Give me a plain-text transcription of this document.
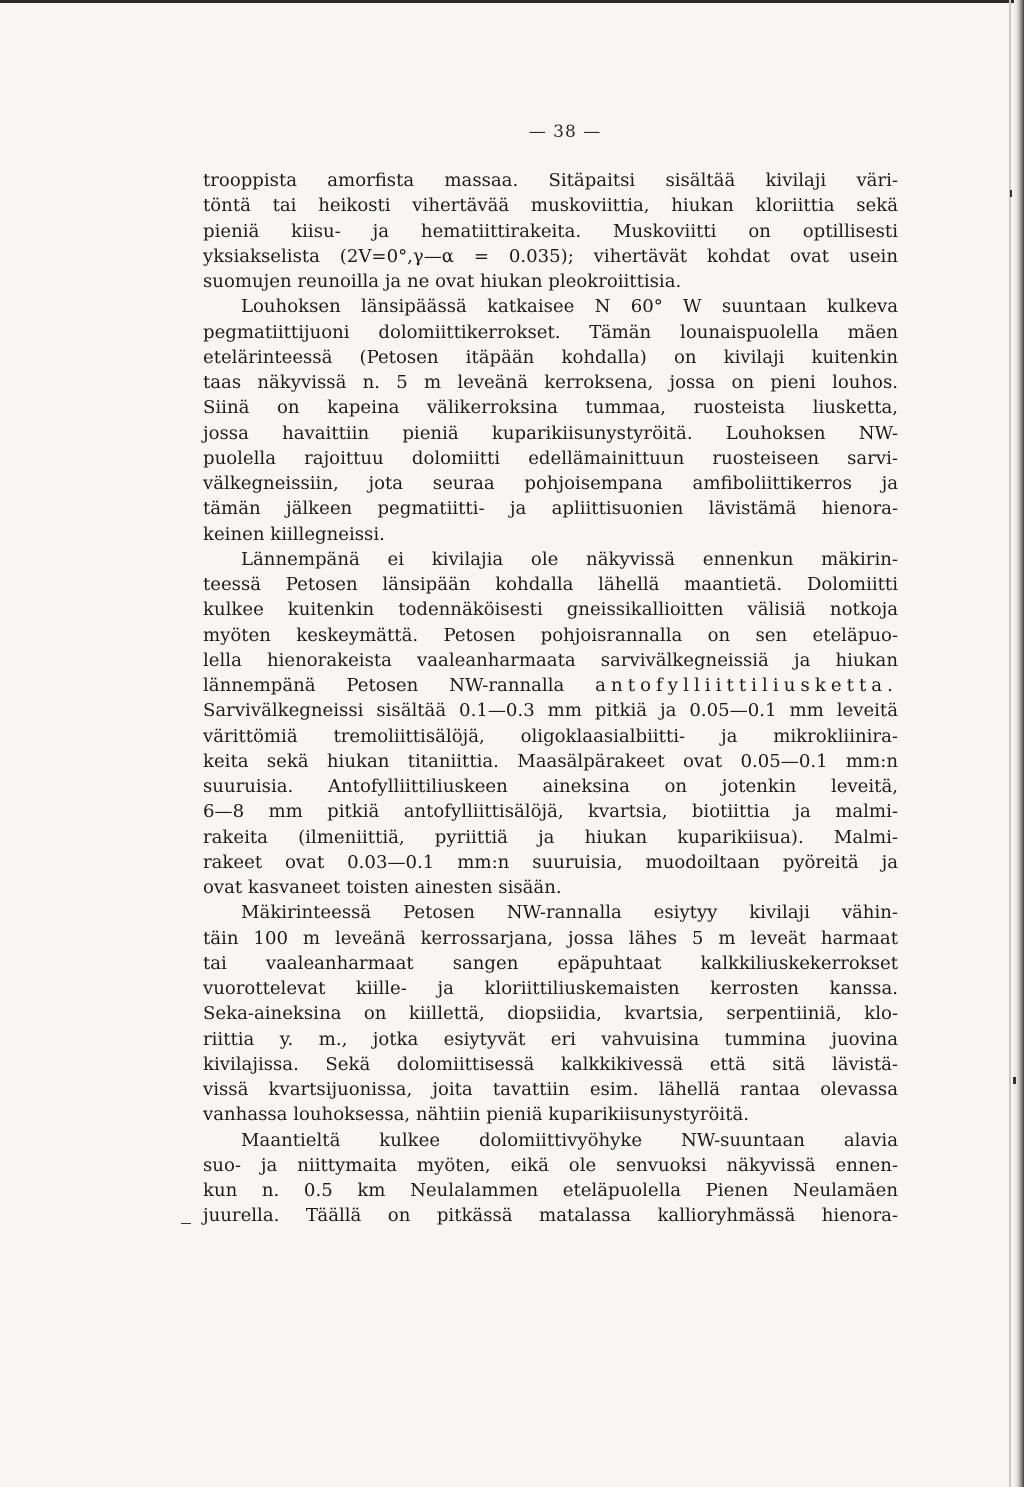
— 38 —
trooppista amorfista massaa. Sitäpaitsi sisältää kivilaji väri-
töntä tai heikosti vihertävää muskoviittia, hiukan kloriittia sekä
pieniä kiisu- ja hematiittirakeita. Muskoviitti on optillisesti
yksiakselista (2V=0°,γ—α = 0.035); vihertävät kohdat ovat usein
suomujen reunoilla ja ne ovat hiukan pleokroiittisia.
Louhoksen länsipäässä katkaisee N 60° W suuntaan kulkeva
pegmatiittijuoni dolomiittikerrokset. Tämän lounaispuolella mäen
etelärinteessä (Petosen itäpään kohdalla) on kivilaji kuitenkin
taas näkyvissä n. 5 m leveänä kerroksena, jossa on pieni louhos.
Siinä on kapeina välikerroksina tummaa, ruosteista liusketta,
jossa havaittiin pieniä kuparikiisunystyröitä. Louhoksen NW-
puolella rajoittuu dolomiitti edellämainittuun ruosteiseen sarvi-
välkegneissiin, jota seuraa pohjoisempana amfiboliittikerros ja
tämän jälkeen pegmatiitti- ja apliittisuonien lävistämä hienora-
keinen kiillegneissi.
Lännempänä ei kivilajia ole näkyvissä ennenkun mäkirin-
teessä Petosen länsipään kohdalla lähellä maantietä. Dolomiitti
kulkee kuitenkin todennäköisesti gneissikallioitten välisiä notkoja
myöten keskeymättä. Petosen pohjoisrannalla on sen eteläpuo-
lella hienorakeista vaaleanharmaata sarvivälkegneissiä ja hiukan
lännempänä Petosen NW-rannalla antofylliittiliusketta.
Sarvivälkegneissi sisältää 0.1—0.3 mm pitkiä ja 0.05—0.1 mm leveitä
värittömiä tremoliittisälöjä, oligoklaasialbiitti- ja mikrokliinira-
keita sekä hiukan titaniittia. Maasälpärakeet ovat 0.05—0.1 mm:n
suuruisia. Antofylliittiliuskeen aineksina on jotenkin leveitä,
6—8 mm pitkiä antofylliittisälöjä, kvartsia, biotiittia ja malmi-
rakeita (ilmeniittiä, pyriittiä ja hiukan kuparikiisua). Malmi-
rakeet ovat 0.03—0.1 mm:n suuruisia, muodoiltaan pyöreitä ja
ovat kasvaneet toisten ainesten sisään.
Mäkirinteessä Petosen NW-rannalla esiytyy kivilaji vähin-
täin 100 m leveänä kerrossarjana, jossa lähes 5 m leveät harmaat
tai vaaleanharmaat sangen epäpuhtaat kalkkiliuskekerrokset
vuorottelevat kiille- ja kloriittiliuskemaisten kerrosten kanssa.
Seka-aineksina on kiillettä, diopsiidia, kvartsia, serpentiiniä, klo-
riittia y. m., jotka esiytyvät eri vahvuisina tummina juovina
kivilajissa. Sekä dolomiittisessä kalkkikivessä että sitä lävistä-
vissä kvartsijuonissa, joita tavattiin esim. lähellä rantaa olevassa
vanhassa louhoksessa, nähtiin pieniä kuparikiisunystyröitä.
Maantieltä kulkee dolomiittivyöhyke NW-suuntaan alavia
suo- ja niittymaita myöten, eikä ole senvuoksi näkyvissä ennen-
kun n. 0.5 km Neulalammen eteläpuolella Pienen Neulamäen
juurella. Täällä on pitkässä matalassa kallioryhmässä hienora-
